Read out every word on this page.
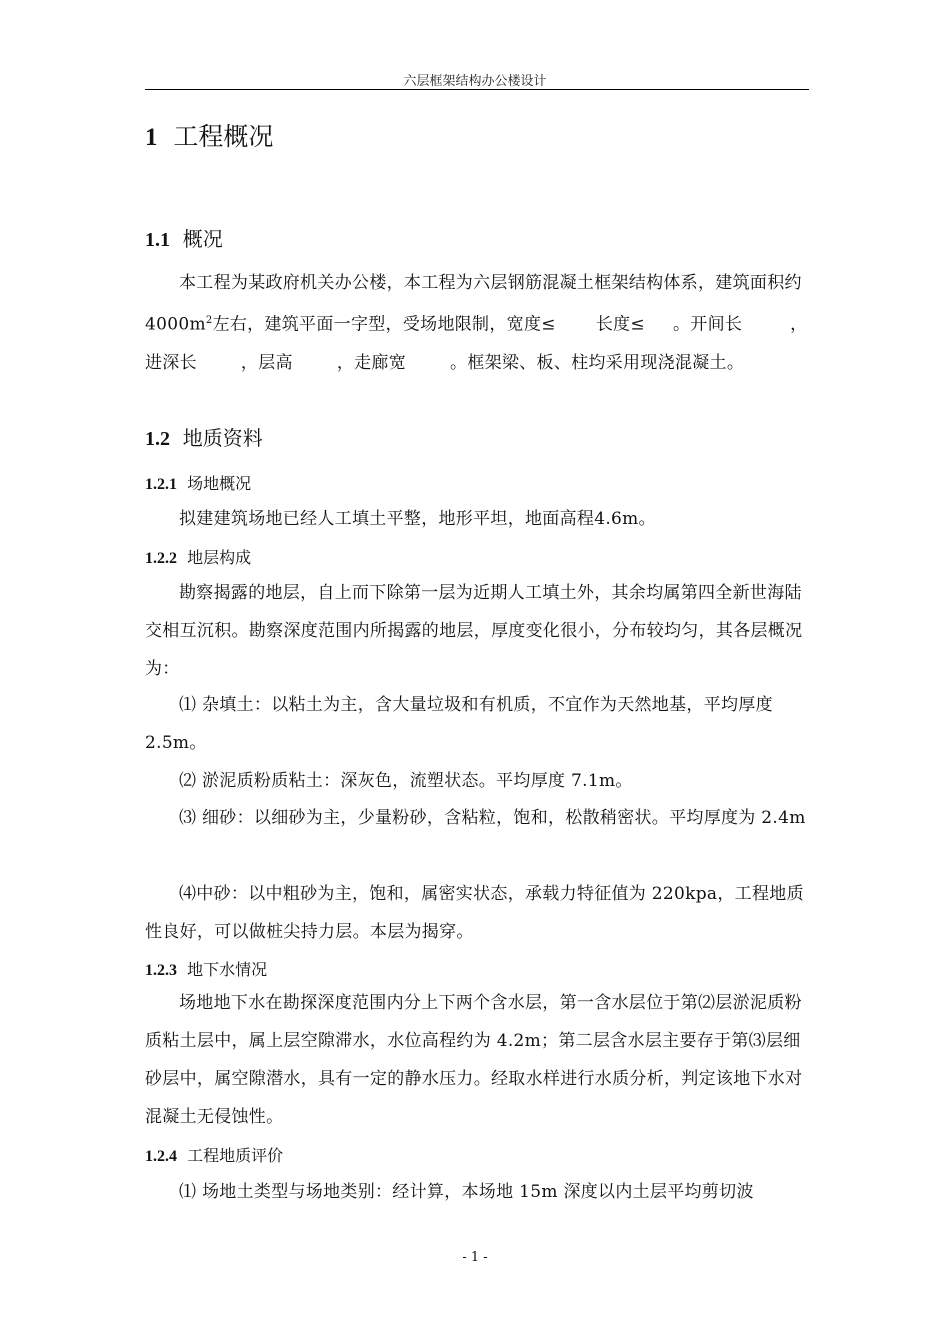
六层框架结构办公楼设计
1 工程概况
1.1 概况

本工程为某政府机关办公楼，本工程为六层钢筋混凝土框架结构体系，建筑面积约$4000m^2$左右，建筑平面一字型，受场地限制，宽度≤ 长度≤ 。开间长	，进深长	，层高	，走廊宽	。框架梁、板、柱均采用现浇混凝土。

1.2 地质资料
1.2.1 场地概况

拟建建筑场地已经人工填土平整，地形平坦，地面高程4.6m。

1.2.2 地层构成

勘察揭露的地层，自上而下除第一层为近期人工填土外，其余均属第四全新世海陆交相互沉积。勘察深度范围内所揭露的地层，厚度变化很小，分布较均匀，其各层概况为：

⑴ 杂填土：以粘土为主，含大量垃圾和有机质，不宜作为天然地基，平均厚度 2.5m。

⑵ 淤泥质粉质粘土：深灰色，流塑状态。平均厚度 7.1m。

⑶ 细砂：以细砂为主，少量粉砂，含粘粒，饱和，松散稍密状。平均厚度为 2.4m

⑷中砂：以中粗砂为主，饱和，属密实状态，承载力特征值为 220kpa，工程地质性良好，可以做桩尖持力层。本层为揭穿。

1.2.3 地下水情况

场地地下水在勘探深度范围内分上下两个含水层，第一含水层位于第⑵层淤泥质粉质粘土层中，属上层空隙滞水，水位高程约为 4.2m；第二层含水层主要存于第⑶层细砂层中，属空隙潜水，具有一定的静水压力。经取水样进行水质分析，判定该地下水对混凝土无侵蚀性。

1.2.4 工程地质评价

⑴ 场地土类型与场地类别：经计算，本场地 15m 深度以内土层平均剪切波

- 1 -
